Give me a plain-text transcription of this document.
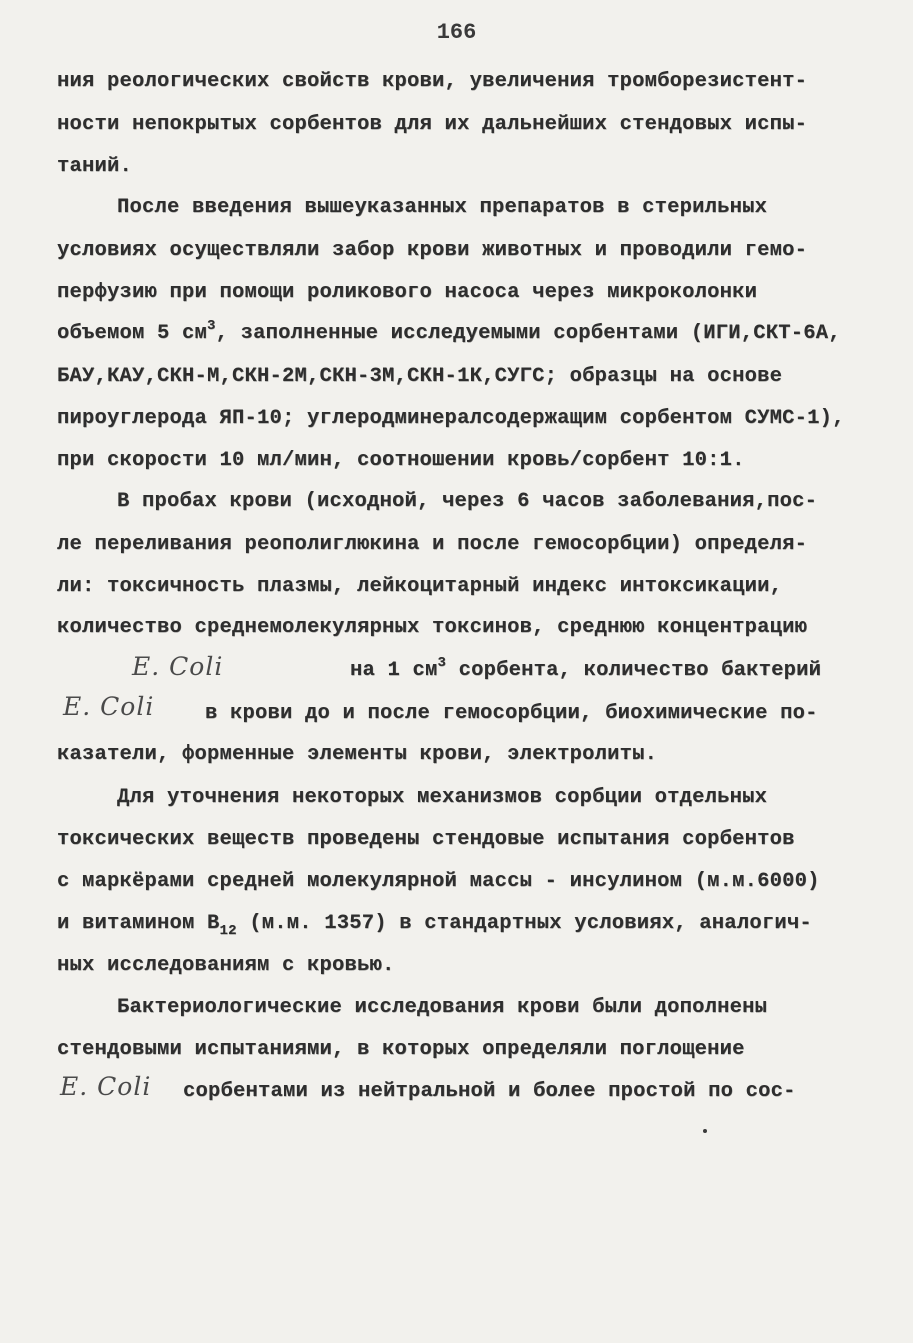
166
ния реологических свойств крови, увеличения тромборезистент-
ности непокрытых сорбентов для их дальнейших стендовых испы-
таний.
После введения вышеуказанных препаратов в стерильных
условиях осуществляли забор крови животных и проводили гемо-
перфузию при помощи роликового насоса через микроколонки
объемом 5 $см^3$, заполненные исследуемыми сорбентами (ИГИ,СКТ-6А,
БАУ,КАУ,СКН-М,СКН-2М,СКН-3М,СКН-1К,СУГС; образцы на основе
пироуглерода ЯП-10; углеродминералсодержащим сорбентом СУМС-1),
при скорости 10 мл/мин, соотношении кровь/сорбент 10:1.
В пробах крови (исходной, через 6 часов заболевания,пос-
ле переливания реополиглюкина и после гемосорбции) определя-
ли: токсичность плазмы, лейкоцитарный индекс интоксикации,
количество среднемолекулярных токсинов, среднюю концентрацию
на 1 $см^3$ сорбента, количество бактерий
в крови до и после гемосорбции, биохимические по-
казатели, форменные элементы крови, электролиты.
Для уточнения некоторых механизмов сорбции отдельных
токсических веществ проведены стендовые испытания сорбентов
с маркёрами средней молекулярной массы - инсулином (м.м.6000)
и витамином $В_{12}$ (м.м. 1357) в стандартных условиях, аналогич-
ных исследованиям с кровью.
Бактериологические исследования крови были дополнены
стендовыми испытаниями, в которых определяли поглощение
сорбентами из нейтральной и более простой по сос-
E. Coli
E. Coli
E. Coli
